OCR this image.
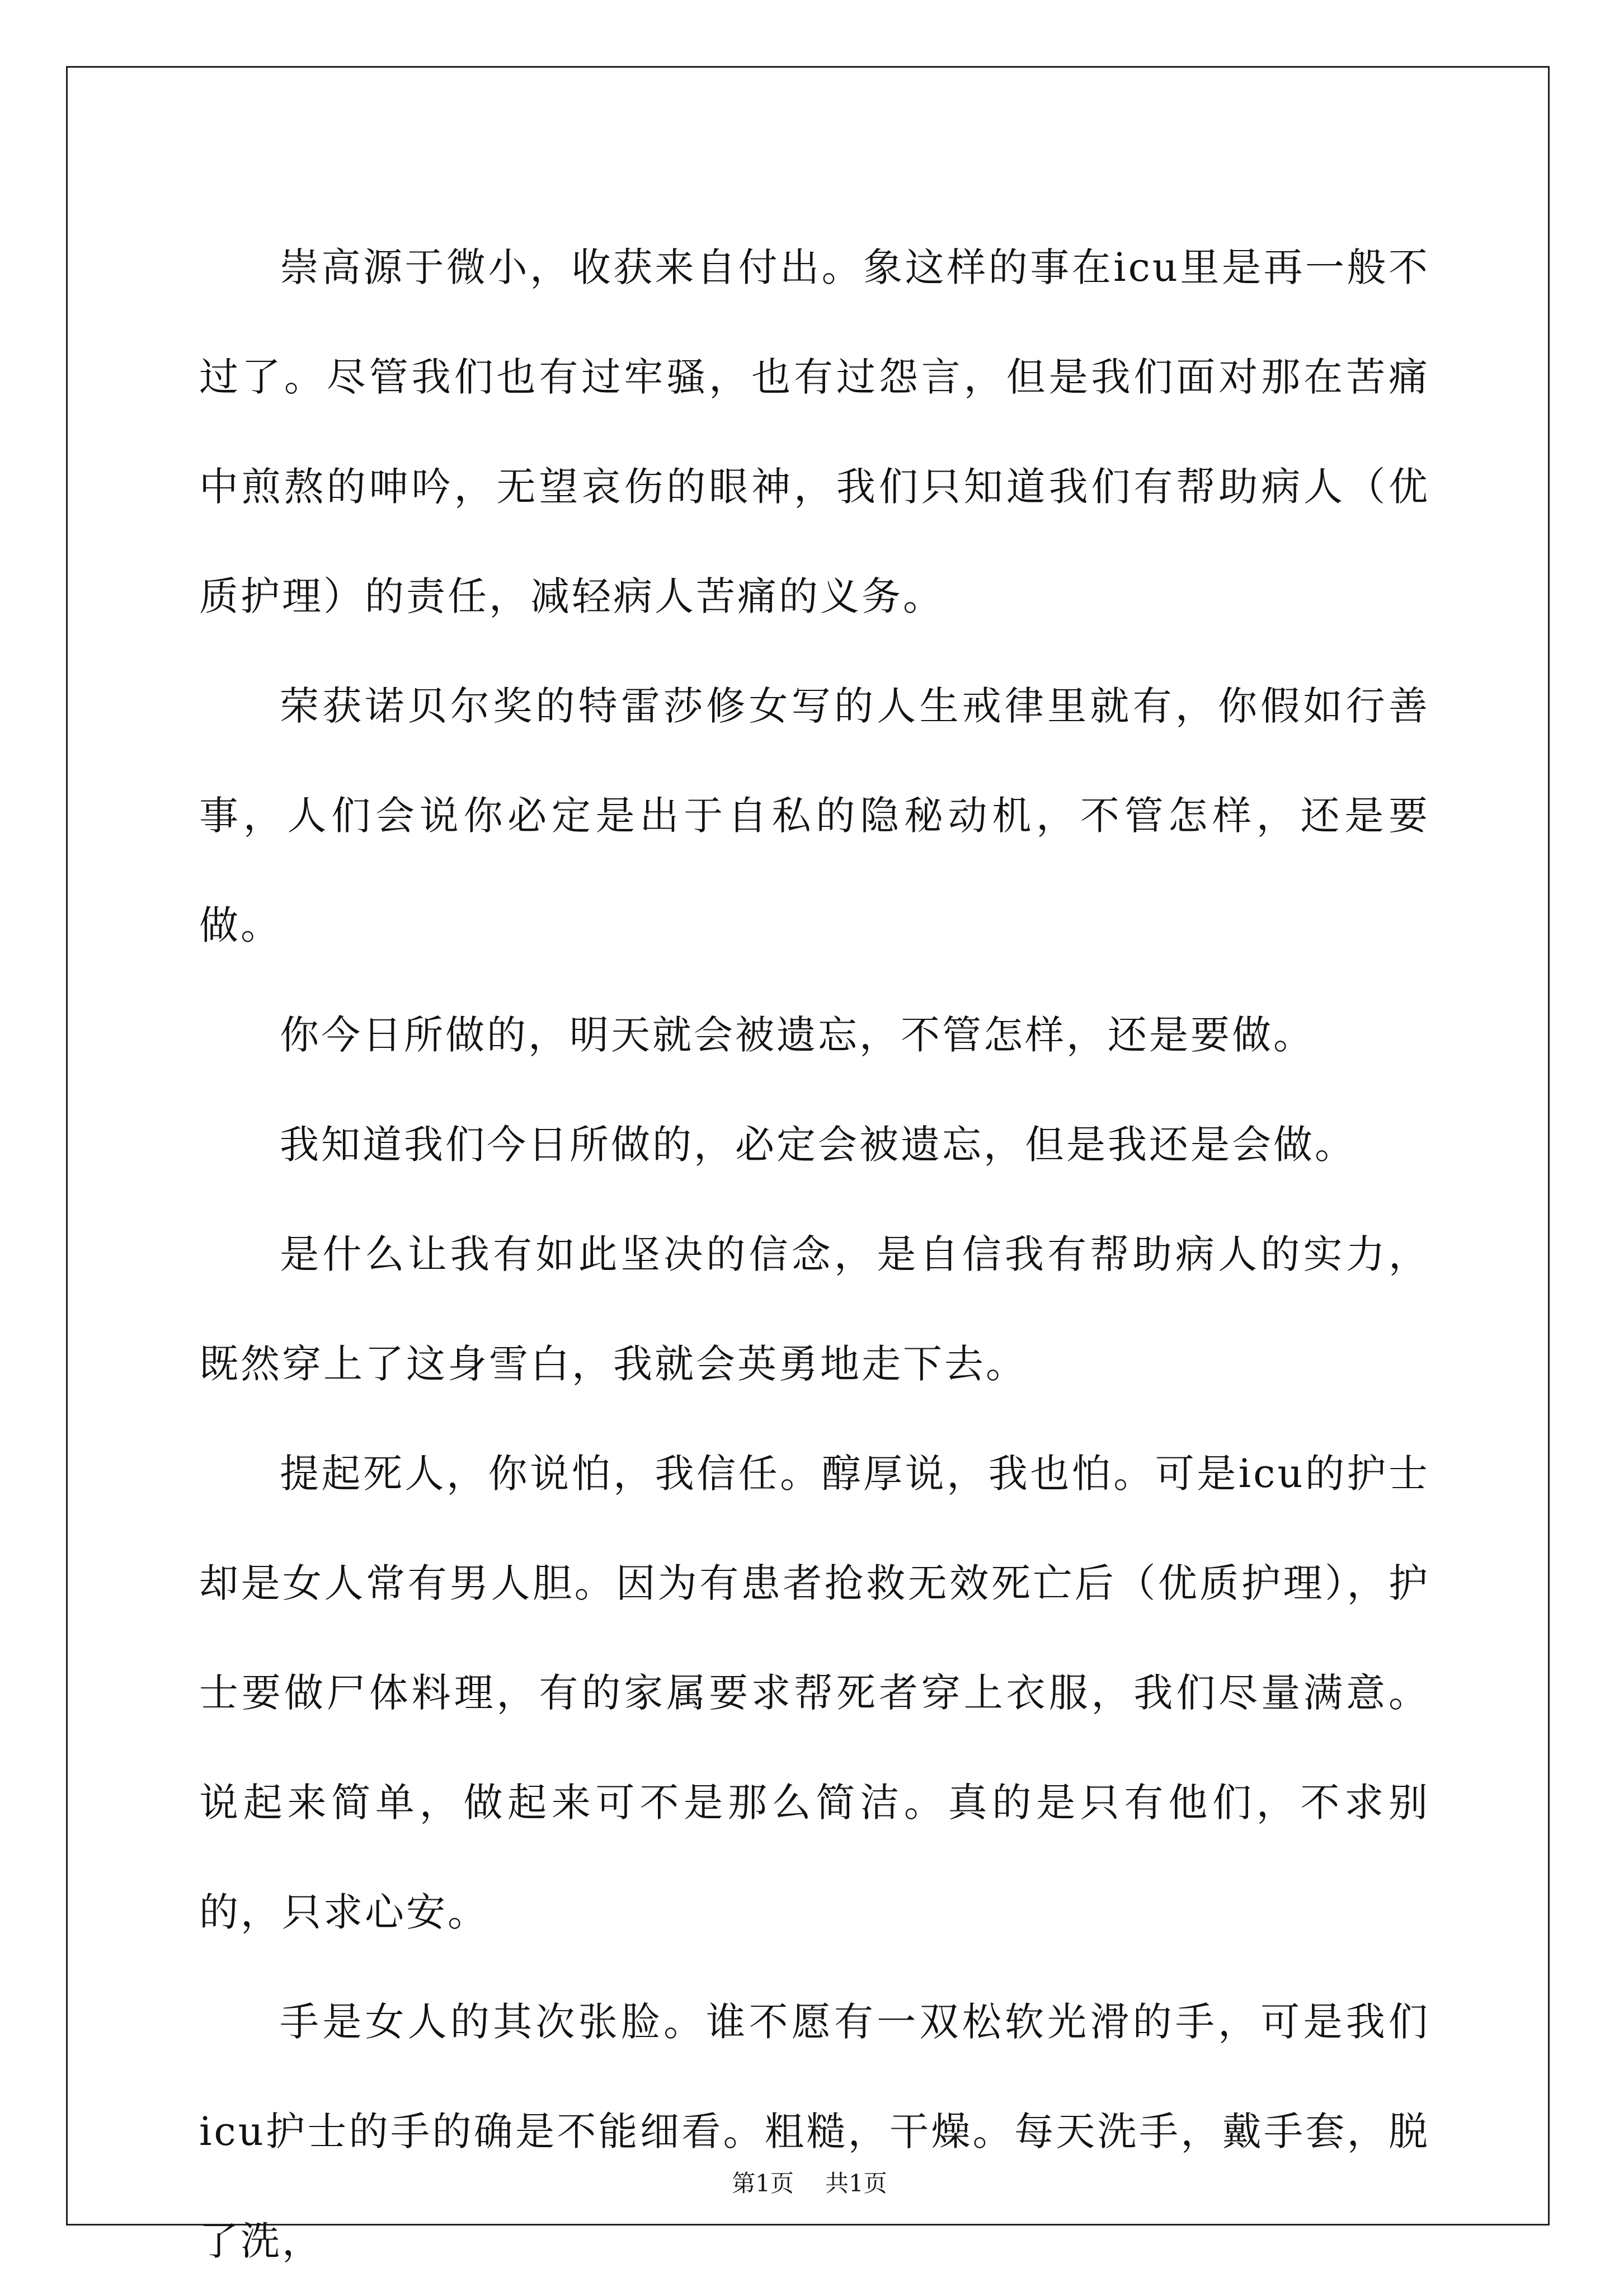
崇高源于微小，收获来自付出。象这样的事在icu里是再一般不过了。尽管我们也有过牢骚，也有过怨言，但是我们面对那在苦痛中煎熬的呻吟，无望哀伤的眼神，我们只知道我们有帮助病人（优质护理）的责任，减轻病人苦痛的义务。

荣获诺贝尔奖的特雷莎修女写的人生戒律里就有，你假如行善事，人们会说你必定是出于自私的隐秘动机，不管怎样，还是要做。

你今日所做的，明天就会被遗忘，不管怎样，还是要做。

我知道我们今日所做的，必定会被遗忘，但是我还是会做。

是什么让我有如此坚决的信念，是自信我有帮助病人的实力，既然穿上了这身雪白，我就会英勇地走下去。

提起死人，你说怕，我信任。醇厚说，我也怕。可是icu的护士却是女人常有男人胆。因为有患者抢救无效死亡后（优质护理），护士要做尸体料理，有的家属要求帮死者穿上衣服，我们尽量满意。说起来简单，做起来可不是那么简洁。真的是只有他们，不求别的，只求心安。

手是女人的其次张脸。谁不愿有一双松软光滑的手，可是我们icu护士的手的确是不能细看。粗糙，干燥。每天洗手，戴手套，脱了洗，

第1页 共1页
